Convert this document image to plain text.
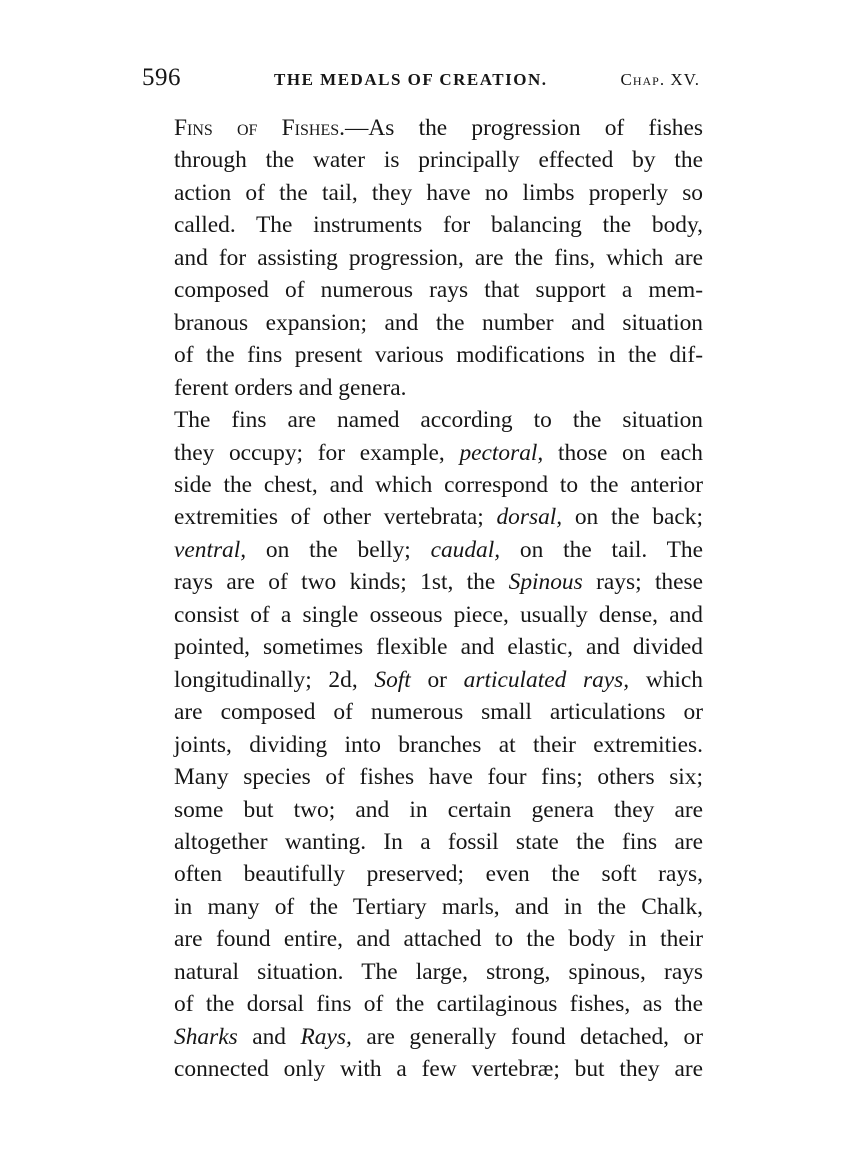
596	THE MEDALS OF CREATION.	Chap. XV.

Fins of Fishes.—As the progression of fishes
through the water is principally effected by the
action of the tail, they have no limbs properly so
called. The instruments for balancing the body,
and for assisting progression, are the fins, which are
composed of numerous rays that support a mem-
branous expansion; and the number and situation
of the fins present various modifications in the dif-
ferent orders and genera.

The fins are named according to the situation
they occupy; for example, pectoral, those on each
side the chest, and which correspond to the anterior
extremities of other vertebrata; dorsal, on the back;
ventral, on the belly; caudal, on the tail. The
rays are of two kinds; 1st, the Spinous rays; these
consist of a single osseous piece, usually dense, and
pointed, sometimes flexible and elastic, and divided
longitudinally; 2d, Soft or articulated rays, which
are composed of numerous small articulations or
joints, dividing into branches at their extremities.
Many species of fishes have four fins; others six;
some but two; and in certain genera they are
altogether wanting. In a fossil state the fins are
often beautifully preserved; even the soft rays,
in many of the Tertiary marls, and in the Chalk,
are found entire, and attached to the body in their
natural situation. The large, strong, spinous, rays
of the dorsal fins of the cartilaginous fishes, as the
Sharks and Rays, are generally found detached, or
connected only with a few vertebræ; but they are
